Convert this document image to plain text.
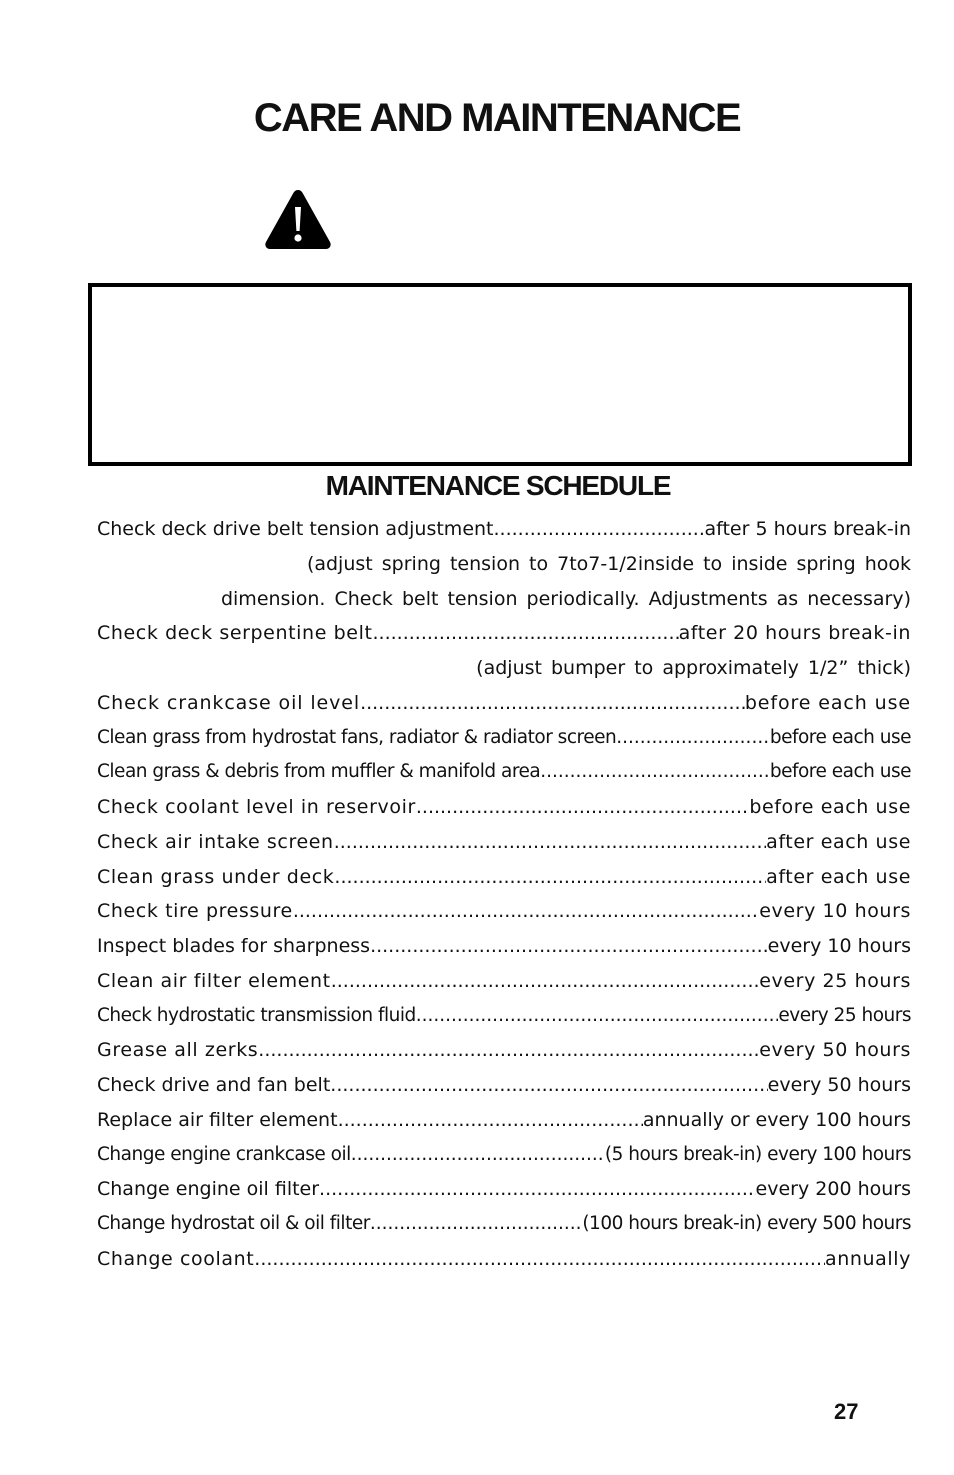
CARE AND MAINTENANCE
MAINTENANCE SCHEDULE
Check deck drive belt tension adjustment .....	after 5 hours break-in
(adjust spring tension to 7to7-1/2inside to inside spring hook
dimension. Check belt tension periodically. Adjustments as necessary)
Check deck serpentine belt .....	after 20 hours break-in
(adjust bumper to approximately 1/2” thick)
Check crankcase oil level .....	before each use
Clean grass from hydrostat fans, radiator & radiator screen .....	before each use
Clean grass & debris from muffler & manifold area .....	before each use
Check coolant level in reservoir .....	before each use
Check air intake screen .....	after each use
Clean grass under deck .....	after each use
Check tire pressure .....	every 10 hours
Inspect blades for sharpness .....	every 10 hours
Clean air filter element .....	every 25 hours
Check hydrostatic transmission fluid .....	every 25 hours
Grease all zerks .....	every 50 hours
Check drive and fan belt .....	every 50 hours
Replace air filter element .....	annually or every 100 hours
Change engine crankcase oil .....	(5 hours break-in) every 100 hours
Change engine oil filter .....	every 200 hours
Change hydrostat oil & oil filter .....	(100 hours break-in) every 500 hours
Change coolant .....	annually
27
